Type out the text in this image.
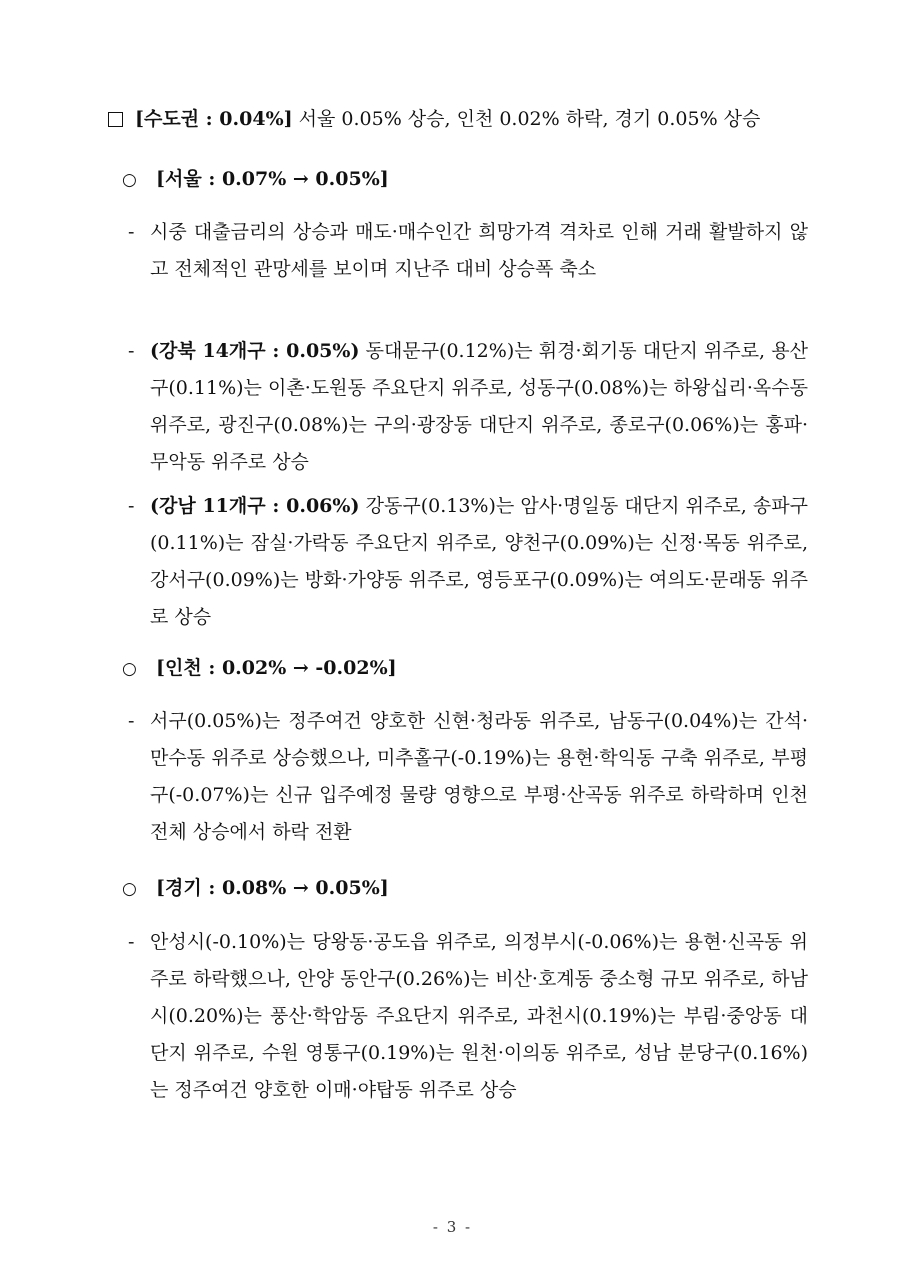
[수도권 : 0.04%] 서울 0.05% 상승, 인천 0.02% 하락, 경기 0.05% 상승
○ [서울 : 0.07% → 0.05%]
- 시중 대출금리의 상승과 매도·매수인간 희망가격 격차로 인해 거래 활발하지 않고 전체적인 관망세를 보이며 지난주 대비 상승폭 축소
- (강북 14개구 : 0.05%) 동대문구(0.12%)는 휘경·회기동 대단지 위주로, 용산구(0.11%)는 이촌·도원동 주요단지 위주로, 성동구(0.08%)는 하왕십리·옥수동 위주로, 광진구(0.08%)는 구의·광장동 대단지 위주로, 종로구(0.06%)는 홍파·무악동 위주로 상승
- (강남 11개구 : 0.06%) 강동구(0.13%)는 암사·명일동 대단지 위주로, 송파구(0.11%)는 잠실·가락동 주요단지 위주로, 양천구(0.09%)는 신정·목동 위주로, 강서구(0.09%)는 방화·가양동 위주로, 영등포구(0.09%)는 여의도·문래동 위주로 상승
○ [인천 : 0.02% → -0.02%]
- 서구(0.05%)는 정주여건 양호한 신현·청라동 위주로, 남동구(0.04%)는 간석·만수동 위주로 상승했으나, 미추홀구(-0.19%)는 용현·학익동 구축 위주로, 부평구(-0.07%)는 신규 입주예정 물량 영향으로 부평·산곡동 위주로 하락하며 인천 전체 상승에서 하락 전환
○ [경기 : 0.08% → 0.05%]
- 안성시(-0.10%)는 당왕동·공도읍 위주로, 의정부시(-0.06%)는 용현·신곡동 위주로 하락했으나, 안양 동안구(0.26%)는 비산·호계동 중소형 규모 위주로, 하남시(0.20%)는 풍산·학암동 주요단지 위주로, 과천시(0.19%)는 부림·중앙동 대단지 위주로, 수원 영통구(0.19%)는 원천·이의동 위주로, 성남 분당구(0.16%)는 정주여건 양호한 이매·야탑동 위주로 상승
- 3 -
